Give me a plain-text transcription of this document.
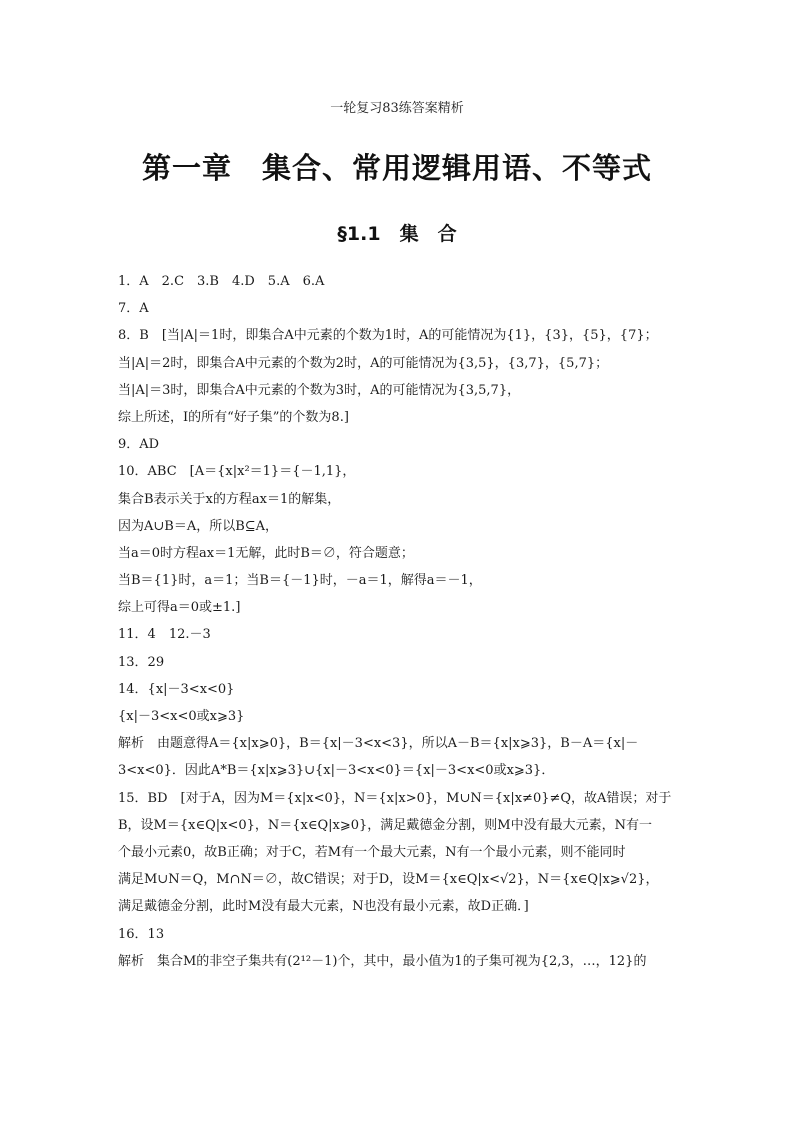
一轮复习83练答案精析
第一章　集合、常用逻辑用语、不等式
§1.1　集　合
1．A　2.C　3.B　4.D　5.A　6.A
7．A
8．B　[当|A|＝1时，即集合A中元素的个数为1时，A的可能情况为{1}，{3}，{5}，{7}；
当|A|＝2时，即集合A中元素的个数为2时，A的可能情况为{3,5}，{3,7}，{5,7}；
当|A|＝3时，即集合A中元素的个数为3时，A的可能情况为{3,5,7}，
综上所述，I的所有“好子集”的个数为8.]
9．AD
10．ABC　[A＝{x|x²＝1}＝{－1,1}，
集合B表示关于x的方程ax＝1的解集，
因为A∪B＝A，所以B⊆A，
当a＝0时方程ax＝1无解，此时B＝∅，符合题意；
当B＝{1}时，a＝1；当B＝{－1}时，－a＝1，解得a＝－1，
综上可得a＝0或±1.]
11．4　12.－3
13．29
14．{x|－3<x<0}
{x|－3<x<0或x⩾3}
解析　由题意得A＝{x|x⩾0}，B＝{x|－3<x<3}，所以A－B＝{x|x⩾3}，B－A＝{x|－
3<x<0}．因此A*B＝{x|x⩾3}∪{x|－3<x<0}＝{x|－3<x<0或x⩾3}．
15．BD　[对于A，因为M＝{x|x<0}，N＝{x|x>0}，M∪N＝{x|x≠0}≠Q，故A错误；对于
B，设M＝{x∈Q|x<0}，N＝{x∈Q|x⩾0}，满足戴德金分割，则M中没有最大元素，N有一
个最小元素0，故B正确；对于C，若M有一个最大元素，N有一个最小元素，则不能同时
满足M∪N＝Q，M∩N＝∅，故C错误；对于D，设M＝{x∈Q|x<√2}，N＝{x∈Q|x⩾√2}，
满足戴德金分割，此时M没有最大元素，N也没有最小元素，故D正确．]
16．13
解析　集合M的非空子集共有(2¹²－1)个，其中，最小值为1的子集可视为{2,3，…，12}的
